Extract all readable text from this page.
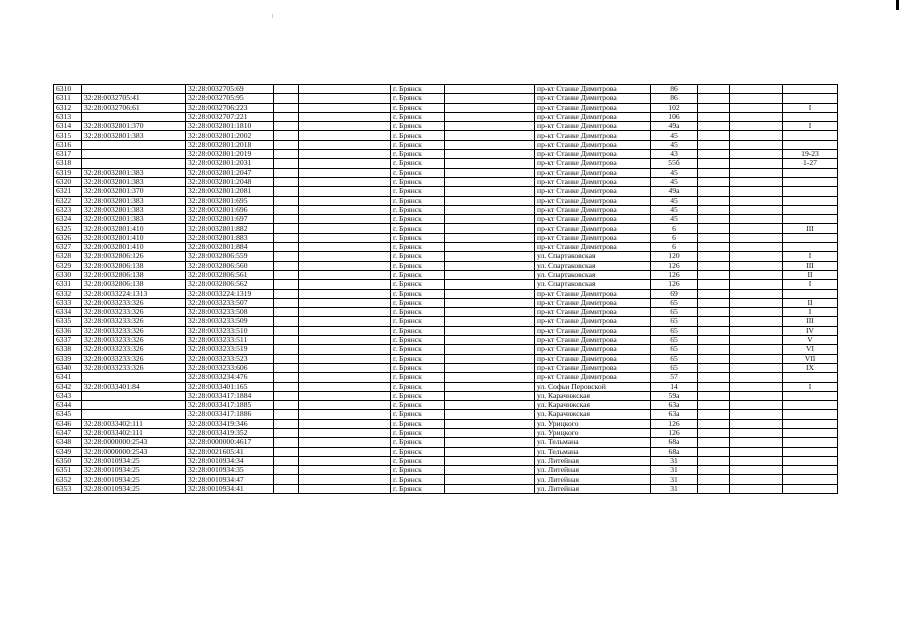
6310		32:28:0032705:69			г. Брянск		пр-кт Станке Димитрова	86			
6311	32:28:0032705:41	32:28:0032705:95			г. Брянск		пр-кт Станке Димитрова	86			
6312	32:28:0032706:61	32:28:0032706:223			г. Брянск		пр-кт Станке Димитрова	102			I
6313		32:28:0032707:221			г. Брянск		пр-кт Станке Димитрова	106			
6314	32:28:0032801:370	32:28:0032801:1810			г. Брянск		пр-кт Станке Димитрова	49а			I
6315	32:28:0032801:383	32:28:0032801:2002			г. Брянск		пр-кт Станке Димитрова	45			
6316		32:28:0032801:2018			г. Брянск		пр-кт Станке Димитрова	45			
6317		32:28:0032801:2019			г. Брянск		пр-кт Станке Димитрова	43			19-23
6318		32:28:0032801:2031			г. Брянск		пр-кт Станке Димитрова	55б			1-27
6319	32:28:0032801:383	32:28:0032801:2047			г. Брянск		пр-кт Станке Димитрова	45			
6320	32:28:0032801:383	32:28:0032801:2048			г. Брянск		пр-кт Станке Димитрова	45			
6321	32:28:0032801:370	32:28:0032801:2081			г. Брянск		пр-кт Станке Димитрова	49а			
6322	32:28:0032801:383	32:28:0032801:695			г. Брянск		пр-кт Станке Димитрова	45			
6323	32:28:0032801:383	32:28:0032801:696			г. Брянск		пр-кт Станке Димитрова	45			
6324	32:28:0032801:383	32:28:0032801:697			г. Брянск		пр-кт Станке Димитрова	45			
6325	32:28:0032801:410	32:28:0032801:882			г. Брянск		пр-кт Станке Димитрова	6			III
6326	32:28:0032801:410	32:28:0032801:883			г. Брянск		пр-кт Станке Димитрова	6			
6327	32:28:0032801:410	32:28:0032801:884			г. Брянск		пр-кт Станке Димитрова	6			
6328	32:28:0032806:126	32:28:0032806:559			г. Брянск		ул. Спартаковская	120			I
6329	32:28:0032806:138	32:28:0032806:560			г. Брянск		ул. Спартаковская	126			III
6330	32:28:0032806:138	32:28:0032806:561			г. Брянск		ул. Спартаковская	126			II
6331	32:28:0032806:138	32:28:0032806:562			г. Брянск		ул. Спартаковская	126			I
6332	32:28:0033224:1313	32:28:0033224:1319			г. Брянск		пр-кт Станке Димитрова	69			
6333	32:28:0033233:326	32:28:0033233:507			г. Брянск		пр-кт Станке Димитрова	65			II
6334	32:28:0033233:326	32:28:0033233:508			г. Брянск		пр-кт Станке Димитрова	65			I
6335	32:28:0033233:326	32:28:0033233:509			г. Брянск		пр-кт Станке Димитрова	65			III
6336	32:28:0033233:326	32:28:0033233:510			г. Брянск		пр-кт Станке Димитрова	65			IV
6337	32:28:0033233:326	32:28:0033233:511			г. Брянск		пр-кт Станке Димитрова	65			V
6338	32:28:0033233:326	32:28:0033233:519			г. Брянск		пр-кт Станке Димитрова	65			VI
6339	32:28:0033233:326	32:28:0033233:523			г. Брянск		пр-кт Станке Димитрова	65			VII
6340	32:28:0033233:326	32:28:0033233:606			г. Брянск		пр-кт Станке Димитрова	65			IX
6341		32:28:0033234:476			г. Брянск		пр-кт Станке Димитрова	57			
6342	32:28:0033401:84	32:28:0033401:165			г. Брянск		ул. Софьи Перовской	14			I
6343		32:28:0033417:1884			г. Брянск		ул. Карачижская	59а			
6344		32:28:0033417:1885			г. Брянск		ул. Карачижская	63а			
6345		32:28:0033417:1886			г. Брянск		ул. Карачижская	63а			
6346	32:28:0033402:111	32:28:0033419:346			г. Брянск		ул. Урицкого	126			
6347	32:28:0033402:111	32:28:0033419:352			г. Брянск		ул. Урицкого	126			
6348	32:28:0000000:2543	32:28:0000000:4617			г. Брянск		ул. Тельмана	68а			
6349	32:28:0000000:2543	32:28:0021605:41			г. Брянск		ул. Тельмана	68а			
6350	32:28:0010934:25	32:28:0010934:34			г. Брянск		ул. Литейная	31			
6351	32:28:0010934:25	32:28:0010934:35			г. Брянск		ул. Литейная	31			
6352	32:28:0010934:25	32:28:0010934:47			г. Брянск		ул. Литейная	31			
6353	32:28:0010934:25	32:28:0010934:41			г. Брянск		ул. Литейная	31			
